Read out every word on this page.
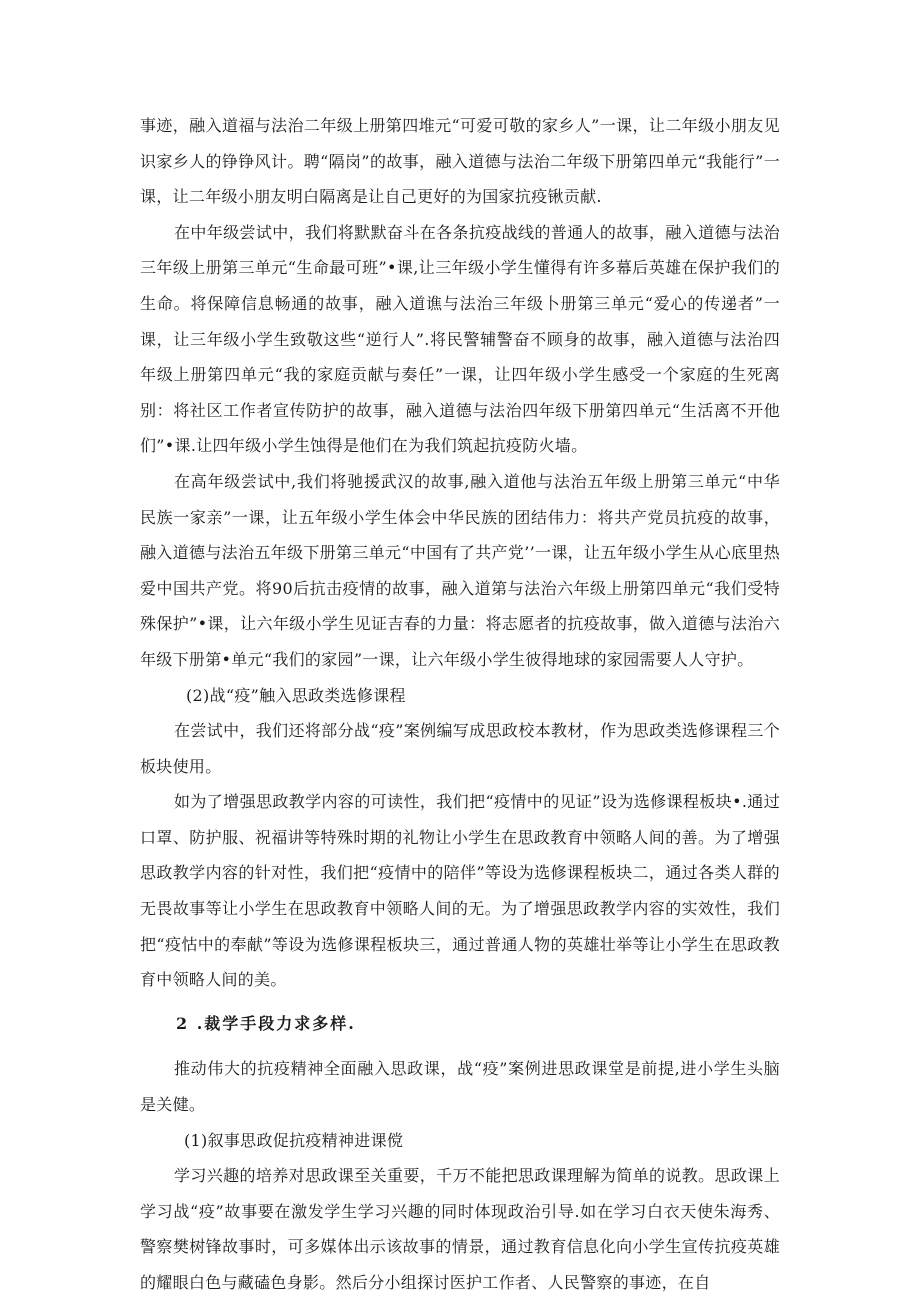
事迹，融入道福与法治二年级上册第四堆元“可爱可敬的家乡人”一课，让二年级小朋友见识家乡人的铮铮风计。聘“隔岗”的故事，融入道德与法治二年级下册第四单元“我能行”一课，让二年级小朋友明白隔离是让自己更好的为国家抗疫锹贡献.

在中年级尝试中，我们将默默奋斗在各条抗疫战线的普通人的故事，融入道德与法治三年级上册第三单元“生命最可班”•课,让三年级小学生懂得有许多幕后英雄在保护我们的生命。将保障信息畅通的故事，融入道谯与法治三年级卜册第三单元“爱心的传递者”一课，让三年级小学生致敬这些“逆行人”.将民警辅警奋不顾身的故事，融入道德与法治四年级上册第四单元“我的家庭贡献与奏任”一课，让四年级小学生感受一个家庭的生死离别：将社区工作者宣传防护的故事，融入道德与法治四年级下册第四单元“生活离不开他们”•课.让四年级小学生蚀得是他们在为我们筑起抗疫防火墙。

在高年级尝试中,我们将驰援武汉的故事,融入道他与法治五年级上册第三单元“中华民族一家亲”一课，让五年级小学生体会中华民族的团结伟力：将共产党员抗疫的故事，融入道德与法治五年级下册第三单元“中国有了共产党’’一课，让五年级小学生从心底里热爱中国共产党。将90后抗击疫情的故事，融入道第与法治六年级上册第四单元“我们受特殊保护”•课，让六年级小学生见证吉春的力量：将志愿者的抗疫故事，做入道德与法治六年级下册第•单元“我们的家园”一课，让六年级小学生彼得地球的家园需要人人守护。

(2)战“疫”触入思政类选修课程

在尝试中，我们还将部分战“疫”案例编写成思政校本教材，作为思政类选修课程三个板块使用。

如为了增强思政教学内容的可读性，我们把“疫情中的见证”设为选修课程板块•.通过口罩、防护服、祝福讲等特殊时期的礼物让小学生在思政教育中领略人间的善。为了增强思政教学内容的针对性，我们把“疫情中的陪伴”等设为选修课程板块二，通过各类人群的无畏故事等让小学生在思政教育中领略人间的无。为了增强思政教学内容的实效性，我们把“疫怙中的奉献”等设为选修课程板块三，通过普通人物的英雄壮举等让小学生在思政教育中领略人间的美。

2 .裁学手段力求多样.

推动伟大的抗疫精神全面融入思政课，战“疫”案例进思政课堂是前提,进小学生头脑是关健。

(1)叙事思政促抗疫精神进课傥

学习兴趣的培养对思政课至关重要，千万不能把思政课理解为简单的说教。思政课上学习战“疫”故事要在激发学生学习兴趣的同时体现政治引导.如在学习白衣天使朱海秀、警察樊树锋故事时，可多媒体出示该故事的情景，通过教育信息化向小学生宣传抗疫英雄的耀眼白色与藏磕色身影。然后分小组探讨医护工作者、人民警察的事迹，在自
